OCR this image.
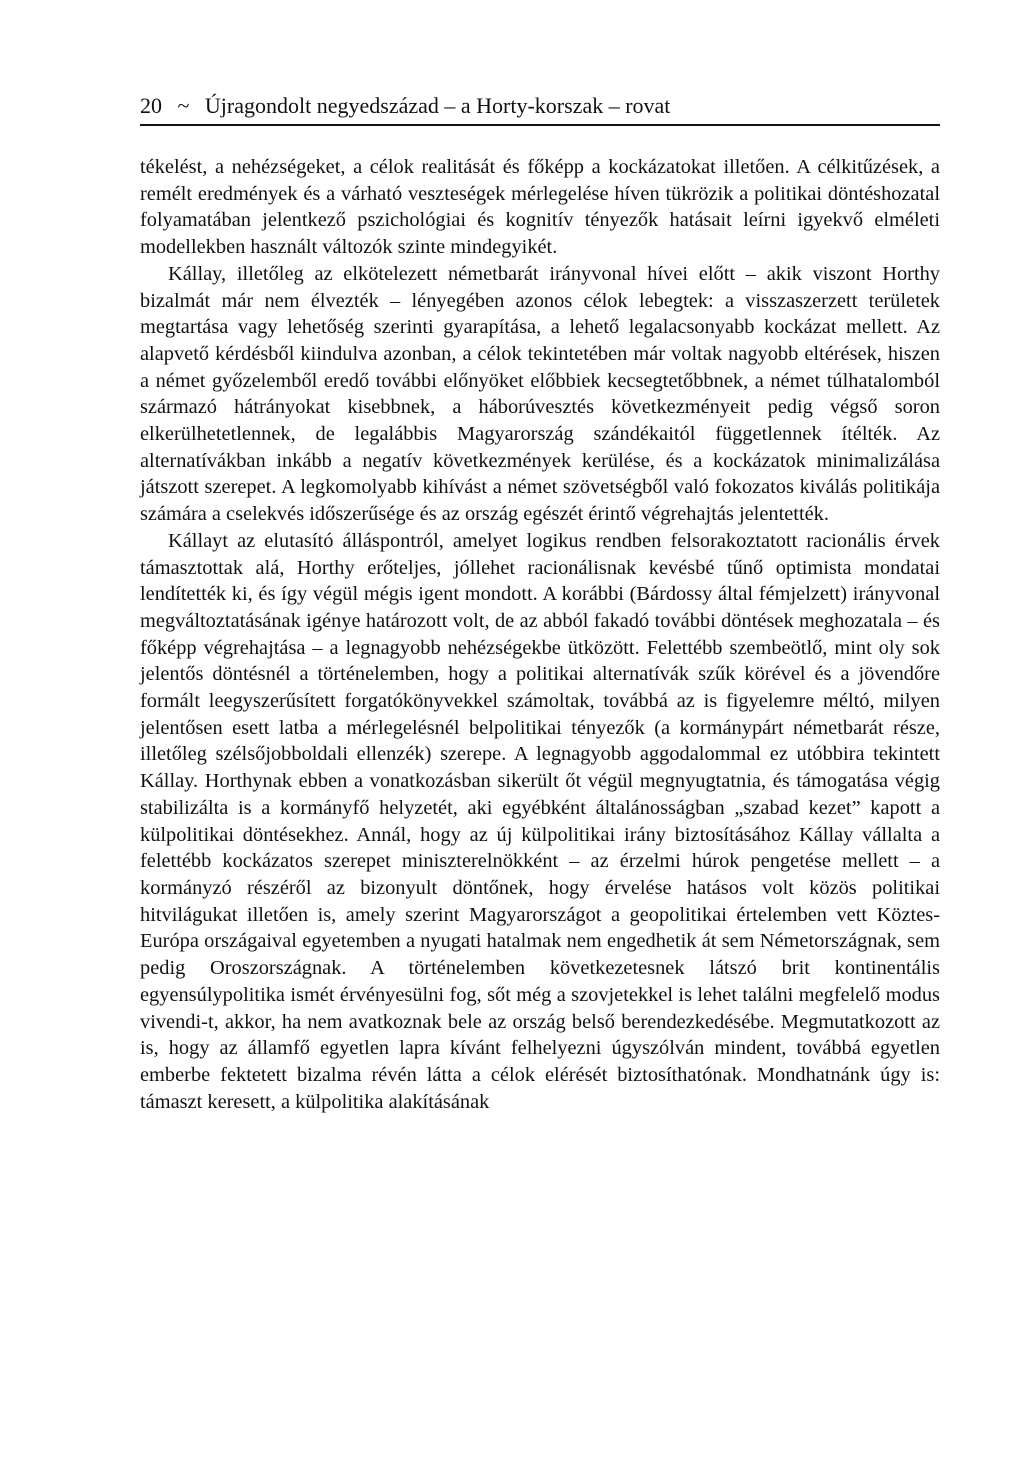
20 ~ Újragondolt negyedszázad – a Horty-korszak – rovat

tékelést, a nehézségeket, a célok realitását és főképp a kockázatokat illetően. A célkitűzések, a remélt eredmények és a várható veszteségek mérlegelése híven tükrözik a politikai döntéshozatal folyamatában jelentkező pszichológiai és kognitív tényezők hatásait leírni igyekvő elméleti modellekben használt változók szinte mindegyikét.

Kállay, illetőleg az elkötelezett németbarát irányvonal hívei előtt – akik viszont Horthy bizalmát már nem élvezték – lényegében azonos célok lebegtek: a visszaszerzett területek megtartása vagy lehetőség szerinti gyarapítása, a lehető legalacsonyabb kockázat mellett. Az alapvető kérdésből kiindulva azonban, a célok tekintetében már voltak nagyobb eltérések, hiszen a német győzelemből eredő további előnyöket előbbiek kecsegtetőbbnek, a német túlhatalomból származó hátrányokat kisebbnek, a háborúvesztés következményeit pedig végső soron elkerülhetetlennek, de legalábbis Magyarország szándékaitól függetlennek ítélték. Az alternatívákban inkább a negatív következmények kerülése, és a kockázatok minimalizálása játszott szerepet. A legkomolyabb kihívást a német szövetségből való fokozatos kiválás politikája számára a cselekvés időszerűsége és az ország egészét érintő végrehajtás jelentették.

Kállayt az elutasító álláspontról, amelyet logikus rendben felsorakoztatott racionális érvek támasztottak alá, Horthy erőteljes, jóllehet racionálisnak kevésbé tűnő optimista mondatai lendítették ki, és így végül mégis igent mondott. A korábbi (Bárdossy által fémjelzett) irányvonal megváltoztatásának igénye határozott volt, de az abból fakadó további döntések meghozatala – és főképp végrehajtása – a legnagyobb nehézségekbe ütközött. Felettébb szembeötlő, mint oly sok jelentős döntésnél a történelemben, hogy a politikai alternatívák szűk körével és a jövendőre formált leegyszerűsített forgatókönyvekkel számoltak, továbbá az is figyelemre méltó, milyen jelentősen esett latba a mérlegelésnél belpolitikai tényezők (a kormánypárt németbarát része, illetőleg szélsőjobboldali ellenzék) szerepe. A legnagyobb aggodalommal ez utóbbira tekintett Kállay. Horthynak ebben a vonatkozásban sikerült őt végül megnyugtatnia, és támogatása végig stabilizálta is a kormányfő helyzetét, aki egyébként általánosságban „szabad kezet” kapott a külpolitikai döntésekhez. Annál, hogy az új külpolitikai irány biztosításához Kállay vállalta a felettébb kockázatos szerepet miniszterelnökként – az érzelmi húrok pengetése mellett – a kormányzó részéről az bizonyult döntőnek, hogy érvelése hatásos volt közös politikai hitvilágukat illetően is, amely szerint Magyarországot a geopolitikai értelemben vett Köztes-Európa országaival egyetemben a nyugati hatalmak nem engedhetik át sem Németországnak, sem pedig Oroszországnak. A történelemben következetesnek látszó brit kontinentális egyensúlypolitika ismét érvényesülni fog, sőt még a szovjetekkel is lehet találni megfelelő modus vivendi-t, akkor, ha nem avatkoznak bele az ország belső berendezkedésébe. Megmutatkozott az is, hogy az államfő egyetlen lapra kívánt felhelyezni úgyszólván mindent, továbbá egyetlen emberbe fektetett bizalma révén látta a célok elérését biztosíthatónak. Mondhatnánk úgy is: támaszt keresett, a külpolitika alakításának
